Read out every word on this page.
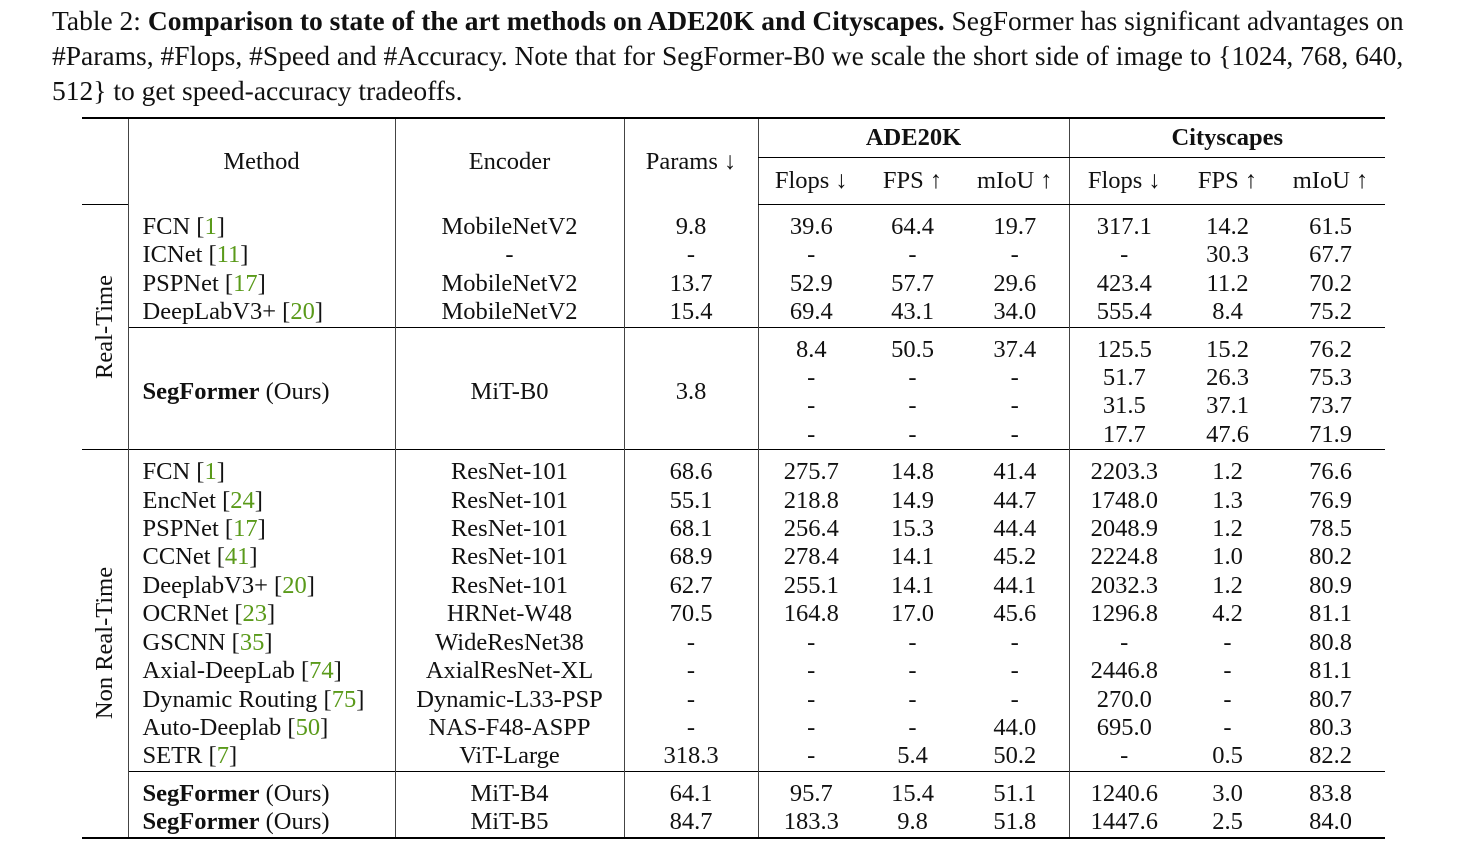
Table 2: Comparison to state of the art methods on ADE20K and Cityscapes. SegFormer has significant advantages on #Params, #Flops, #Speed and #Accuracy. Note that for SegFormer-B0 we scale the short side of image to {1024, 768, 640, 512} to get speed-accuracy tradeoffs.
	Method	Encoder	Params ↓	ADE20K			Cityscapes		
				Flops ↓	FPS ↑	mIoU ↑	Flops ↓	FPS ↑	mIoU ↑

Real-Time									

	FCN [1]	MobileNetV2	9.8	39.6	64.4	19.7	317.1	14.2	61.5
	ICNet [11]	-	-	-	-	-	-	30.3	67.7
	PSPNet [17]	MobileNetV2	13.7	52.9	57.7	29.6	423.4	11.2	70.2
	DeepLabV3+ [20]	MobileNetV2	15.4	69.4	43.1	34.0	555.4	8.4	75.2

	SegFormer (Ours)	MiT-B0	3.8	8.4	50.5	37.4	125.5	15.2	76.2
				-	-	-	51.7	26.3	75.3
				-	-	-	31.5	37.1	73.7
				-	-	-	17.7	47.6	71.9

Non Real-Time									

	FCN [1]	ResNet-101	68.6	275.7	14.8	41.4	2203.3	1.2	76.6
	EncNet [24]	ResNet-101	55.1	218.8	14.9	44.7	1748.0	1.3	76.9
	PSPNet [17]	ResNet-101	68.1	256.4	15.3	44.4	2048.9	1.2	78.5
	CCNet [41]	ResNet-101	68.9	278.4	14.1	45.2	2224.8	1.0	80.2
	DeeplabV3+ [20]	ResNet-101	62.7	255.1	14.1	44.1	2032.3	1.2	80.9
	OCRNet [23]	HRNet-W48	70.5	164.8	17.0	45.6	1296.8	4.2	81.1
	GSCNN [35]	WideResNet38	-	-	-	-	-	-	80.8
	Axial-DeepLab [74]	AxialResNet-XL	-	-	-	-	2446.8	-	81.1
	Dynamic Routing [75]	Dynamic-L33-PSP	-	-	-	-	270.0	-	80.7
	Auto-Deeplab [50]	NAS-F48-ASPP	-	-	-	44.0	695.0	-	80.3
	SETR [7]	ViT-Large	318.3	-	5.4	50.2	-	0.5	82.2

	SegFormer (Ours)	MiT-B4	64.1	95.7	15.4	51.1	1240.6	3.0	83.8
	SegFormer (Ours)	MiT-B5	84.7	183.3	9.8	51.8	1447.6	2.5	84.0
